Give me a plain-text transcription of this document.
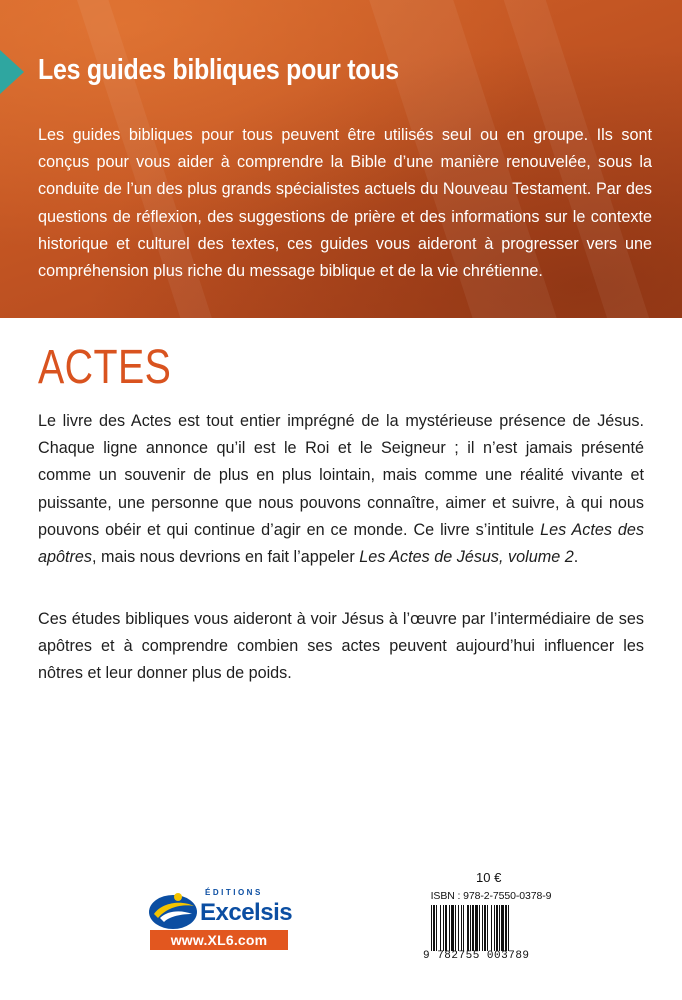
Les guides bibliques pour tous

Les guides bibliques pour tous peuvent être utilisés seul ou en groupe. Ils sont conçus pour vous aider à comprendre la Bible d’une manière renouvelée, sous la conduite de l’un des plus grands spécialistes actuels du Nouveau Testament. Par des questions de réflexion, des suggestions de prière et des informations sur le contexte historique et culturel des textes, ces guides vous aideront à progresser vers une compréhension plus riche du message biblique et de la vie chrétienne.

ACTES

Le livre des Actes est tout entier imprégné de la mystérieuse présence de Jésus. Chaque ligne annonce qu’il est le Roi et le Seigneur ; il n’est jamais présenté comme un souvenir de plus en plus lointain, mais comme une réalité vivante et puissante, une personne que nous pouvons connaître, aimer et suivre, à qui nous pouvons obéir et qui continue d’agir en ce monde. Ce livre s’intitule Les Actes des apôtres, mais nous devrions en fait l’appeler Les Actes de Jésus, volume 2.

Ces études bibliques vous aideront à voir Jésus à l’œuvre par l’intermédiaire de ses apôtres et à comprendre combien ses actes peuvent aujourd’hui influencer les nôtres et leur donner plus de poids.

ÉDITIONS
Excelsis
www.XL6.com
10 €
ISBN : 978-2-7550-0378-9
9 782755 003789
